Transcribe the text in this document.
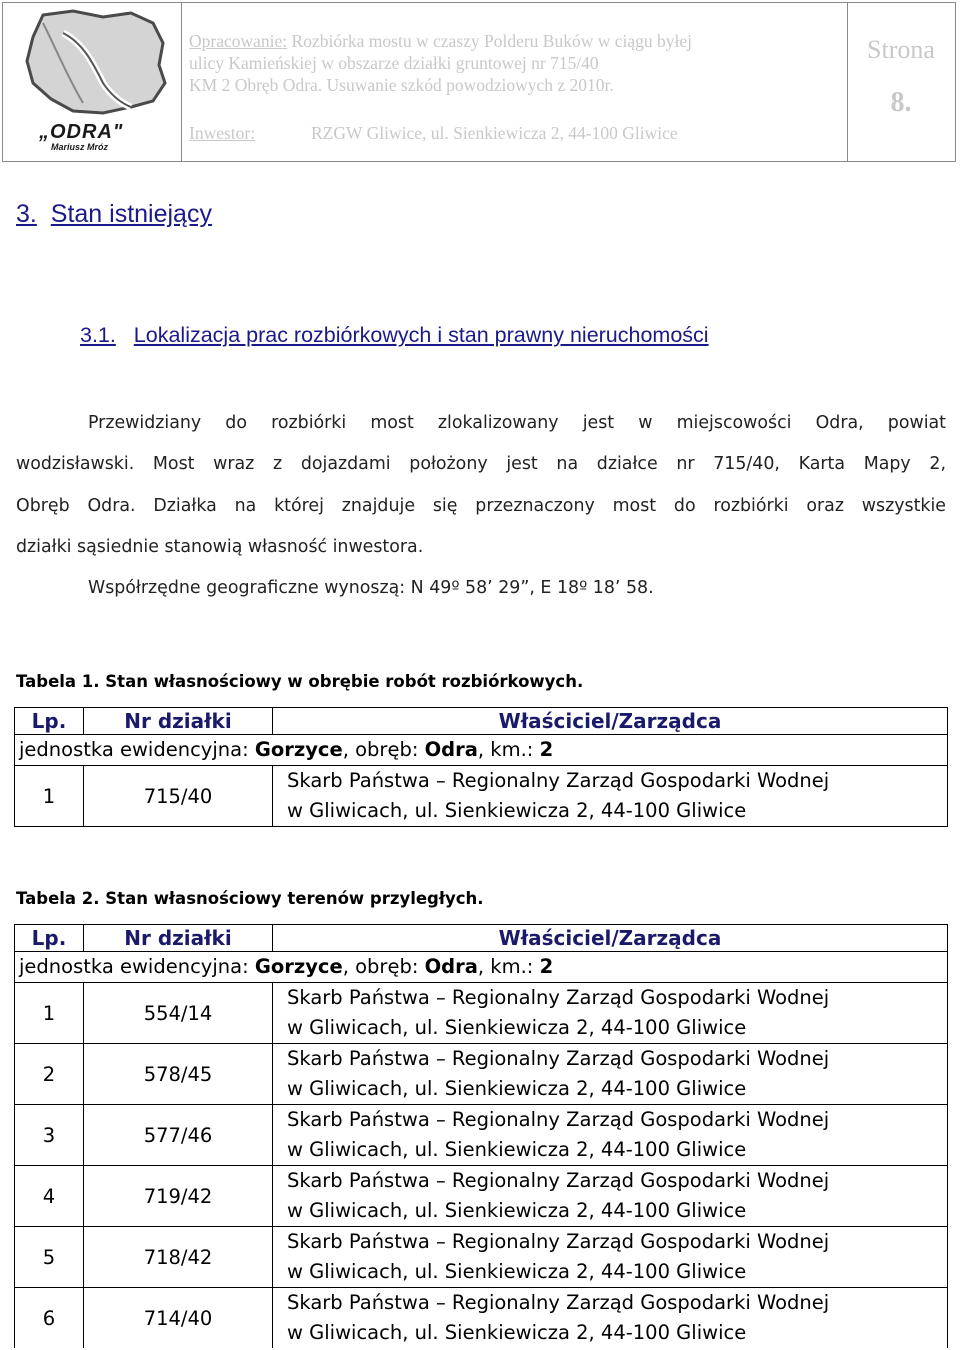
„ODRA"
Mariusz Mróz
Opracowanie: Rozbiórka mostu w czaszy Polderu Buków w ciągu byłej
ulicy Kamieńskiej w obszarze działki gruntowej nr 715/40
KM 2 Obręb Odra. Usuwanie szkód powodziowych z 2010r.
Inwestor:	RZGW Gliwice, ul. Sienkiewicza 2, 44-100 Gliwice
Strona
8.
3. Stan istniejący
3.1. Lokalizacja prac rozbiórkowych i stan prawny nieruchomości
Przewidziany do rozbiórki most zlokalizowany jest w miejscowości Odra, powiat
wodzisławski. Most wraz z dojazdami położony jest na działce nr 715/40, Karta Mapy 2,
Obręb Odra. Działka na której znajduje się przeznaczony most do rozbiórki oraz wszystkie
działki sąsiednie stanowią własność inwestora.
Współrzędne geograficzne wynoszą: N 49º 58’ 29”, E 18º 18’ 58.
Tabela 1. Stan własnościowy w obrębie robót rozbiórkowych.
Lp.	Nr działki	Właściciel/Zarządca
jednostka ewidencyjna: Gorzyce, obręb: Odra, km.: 2		
1	715/40	Skarb Państwa – Regionalny Zarząd Gospodarki Wodnej
w Gliwicach, ul. Sienkiewicza 2, 44-100 Gliwice
Tabela 2. Stan własnościowy terenów przyległych.
Lp.	Nr działki	Właściciel/Zarządca
jednostka ewidencyjna: Gorzyce, obręb: Odra, km.: 2		
1	554/14	Skarb Państwa – Regionalny Zarząd Gospodarki Wodnej
w Gliwicach, ul. Sienkiewicza 2, 44-100 Gliwice

2	578/45	Skarb Państwa – Regionalny Zarząd Gospodarki Wodnej
w Gliwicach, ul. Sienkiewicza 2, 44-100 Gliwice

3	577/46	Skarb Państwa – Regionalny Zarząd Gospodarki Wodnej
w Gliwicach, ul. Sienkiewicza 2, 44-100 Gliwice

4	719/42	Skarb Państwa – Regionalny Zarząd Gospodarki Wodnej
w Gliwicach, ul. Sienkiewicza 2, 44-100 Gliwice

5	718/42	Skarb Państwa – Regionalny Zarząd Gospodarki Wodnej
w Gliwicach, ul. Sienkiewicza 2, 44-100 Gliwice

6	714/40	Skarb Państwa – Regionalny Zarząd Gospodarki Wodnej
w Gliwicach, ul. Sienkiewicza 2, 44-100 Gliwice
